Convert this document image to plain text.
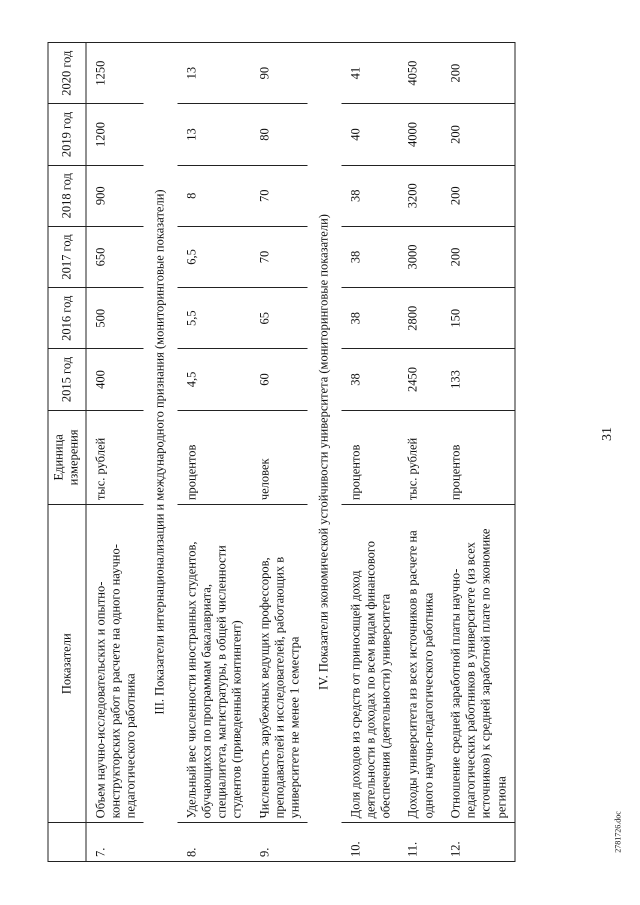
31
2781726.doc
	Показатели	Единица измерения	2015 год	2016 год	2017 год	2018 год	2019 год	2020 год
7.	Объем научно-исследовательских и опытно-конструкторских работ в расчете на одного научно-педагогического работника	тыс. рублей	400	500	650	900	1200	1250
III. Показатели интернационализации и международного признания (мониторинговые показатели)								
8.	Удельный вес численности иностранных студентов, обучающихся по программам бакалавриата, специалитета, магистратуры, в общей численности студентов (приведенный контингент)	процентов	4,5	5,5	6,5	8	13	13
9.	Численность зарубежных ведущих профессоров, преподавателей и исследователей, работающих в университете не менее 1 семестра	человек	60	65	70	70	80	90
IV. Показатели экономической устойчивости университета (мониторинговые показатели)								
10.	Доля доходов из средств от приносящей доход деятельности в доходах по всем видам финансового обеспечения (деятельности) университета	процентов	38	38	38	38	40	41
11.	Доходы университета из всех источников в расчете на одного научно-педагогического работника	тыс. рублей	2450	2800	3000	3200	4000	4050
12.	Отношение средней заработной платы научно-педагогических работников в университете (из всех источников) к средней заработной плате по экономике региона	процентов	133	150	200	200	200	200
